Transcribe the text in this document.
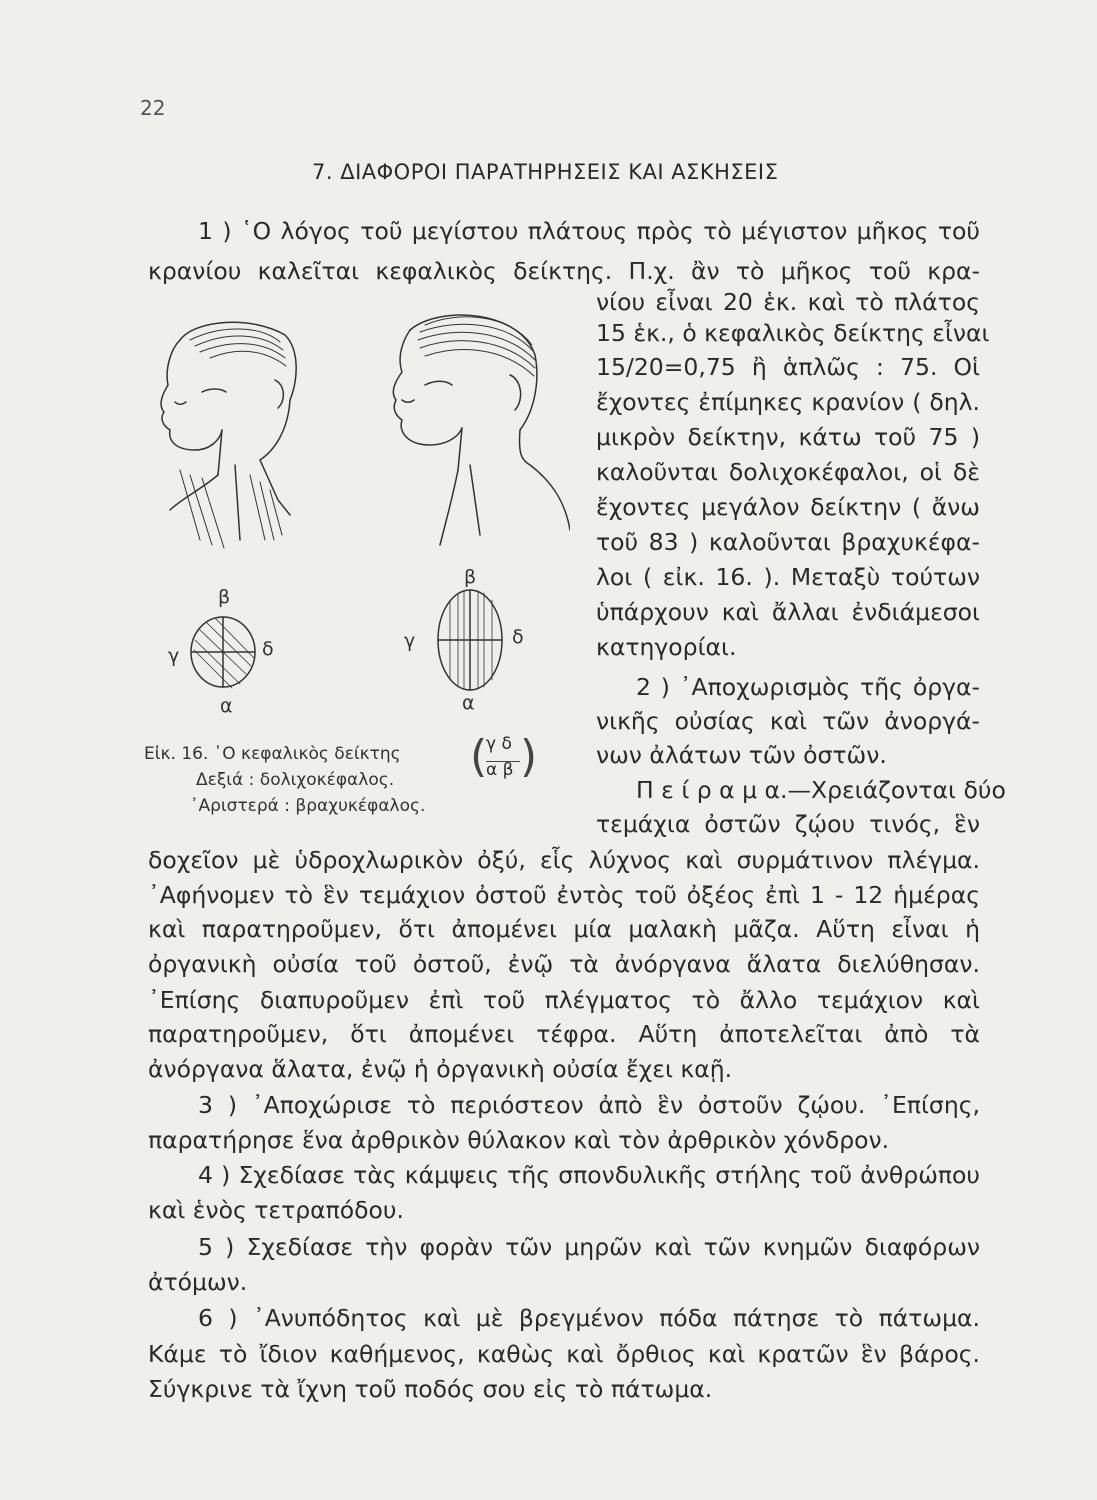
22
7. ΔΙΑΦΟΡΟΙ ΠΑΡΑΤΗΡΗΣΕΙΣ ΚΑΙ ΑΣΚΗΣΕΙΣ
1 ) ῾Ο λόγος τοῦ μεγίστου πλάτους πρὸς τὸ μέγιστον μῆκος τοῦ
κρανίου καλεῖται κεφαλικὸς δείκτης. Π.χ. ἂν τὸ μῆκος τοῦ κρα-
νίου εἶναι 20 ἑκ. καὶ τὸ πλάτος
15 ἑκ., ὁ κεφαλικὸς δείκτης εἶναι
15/20=0,75 ἢ ἁπλῶς : 75. Οἱ
ἔχοντες ἐπίμηκες κρανίον ( δηλ.
μικρὸν δείκτην, κάτω τοῦ 75 )
καλοῦνται δολιχοκέφαλοι, οἱ δὲ
ἔχοντες μεγάλον δείκτην ( ἄνω
τοῦ 83 ) καλοῦνται βραχυκέφα-
λοι ( εἰκ. 16. ). Μεταξὺ τούτων
ὑπάρχουν καὶ ἄλλαι ἐνδιάμεσοι
κατηγορίαι.
2 ) ᾿Αποχωρισμὸς τῆς ὀργα-
νικῆς οὐσίας καὶ τῶν ἀνοργά-
νων ἀλάτων τῶν ὀστῶν.
Π ε ί ρ α μ α.—Χρειάζονται δύο
τεμάχια ὀστῶν ζῴου τινός, ἓν
δοχεῖον μὲ ὑδροχλωρικὸν ὀξύ, εἷς λύχνος καὶ συρμάτινον πλέγμα.
᾿Αφήνομεν τὸ ἓν τεμάχιον ὀστοῦ ἐντὸς τοῦ ὀξέος ἐπὶ 1 - 12 ἡμέρας
καὶ παρατηροῦμεν, ὅτι ἀπομένει μία μαλακὴ μᾶζα. Αὕτη εἶναι ἡ
ὀργανικὴ οὐσία τοῦ ὀστοῦ, ἐνῷ τὰ ἀνόργανα ἅλατα διελύθησαν.
᾿Επίσης διαπυροῦμεν ἐπὶ τοῦ πλέγματος τὸ ἄλλο τεμάχιον καὶ
παρατηροῦμεν, ὅτι ἀπομένει τέφρα. Αὕτη ἀποτελεῖται ἀπὸ τὰ
ἀνόργανα ἅλατα, ἐνῷ ἡ ὀργανικὴ οὐσία ἔχει καῇ.
3 ) ᾿Αποχώρισε τὸ περιόστεον ἀπὸ ἓν ὀστοῦν ζῴου. ᾿Επίσης,
παρατήρησε ἕνα ἀρθρικὸν θύλακον καὶ τὸν ἀρθρικὸν χόνδρον.
4 ) Σχεδίασε τὰς κάμψεις τῆς σπονδυλικῆς στήλης τοῦ ἀνθρώπου
καὶ ἑνὸς τετραπόδου.
5 ) Σχεδίασε τὴν φορὰν τῶν μηρῶν καὶ τῶν κνημῶν διαφόρων
ἀτόμων.
6 ) ᾿Ανυπόδητος καὶ μὲ βρεγμένον πόδα πάτησε τὸ πάτωμα.
Κάμε τὸ ἴδιον καθήμενος, καθὼς καὶ ὄρθιος καὶ κρατῶν ἓν βάρος.
Σύγκρινε τὰ ἴχνη τοῦ ποδός σου εἰς τὸ πάτωμα.
β
γ	δ
α
β
γ	δ
α
Εἰκ. 16. ῾Ο κεφαλικὸς δείκτης
Δεξιά : δολιχοκέφαλος.
᾿Αριστερά : βραχυκέφαλος.
(
γ δ
α β )
